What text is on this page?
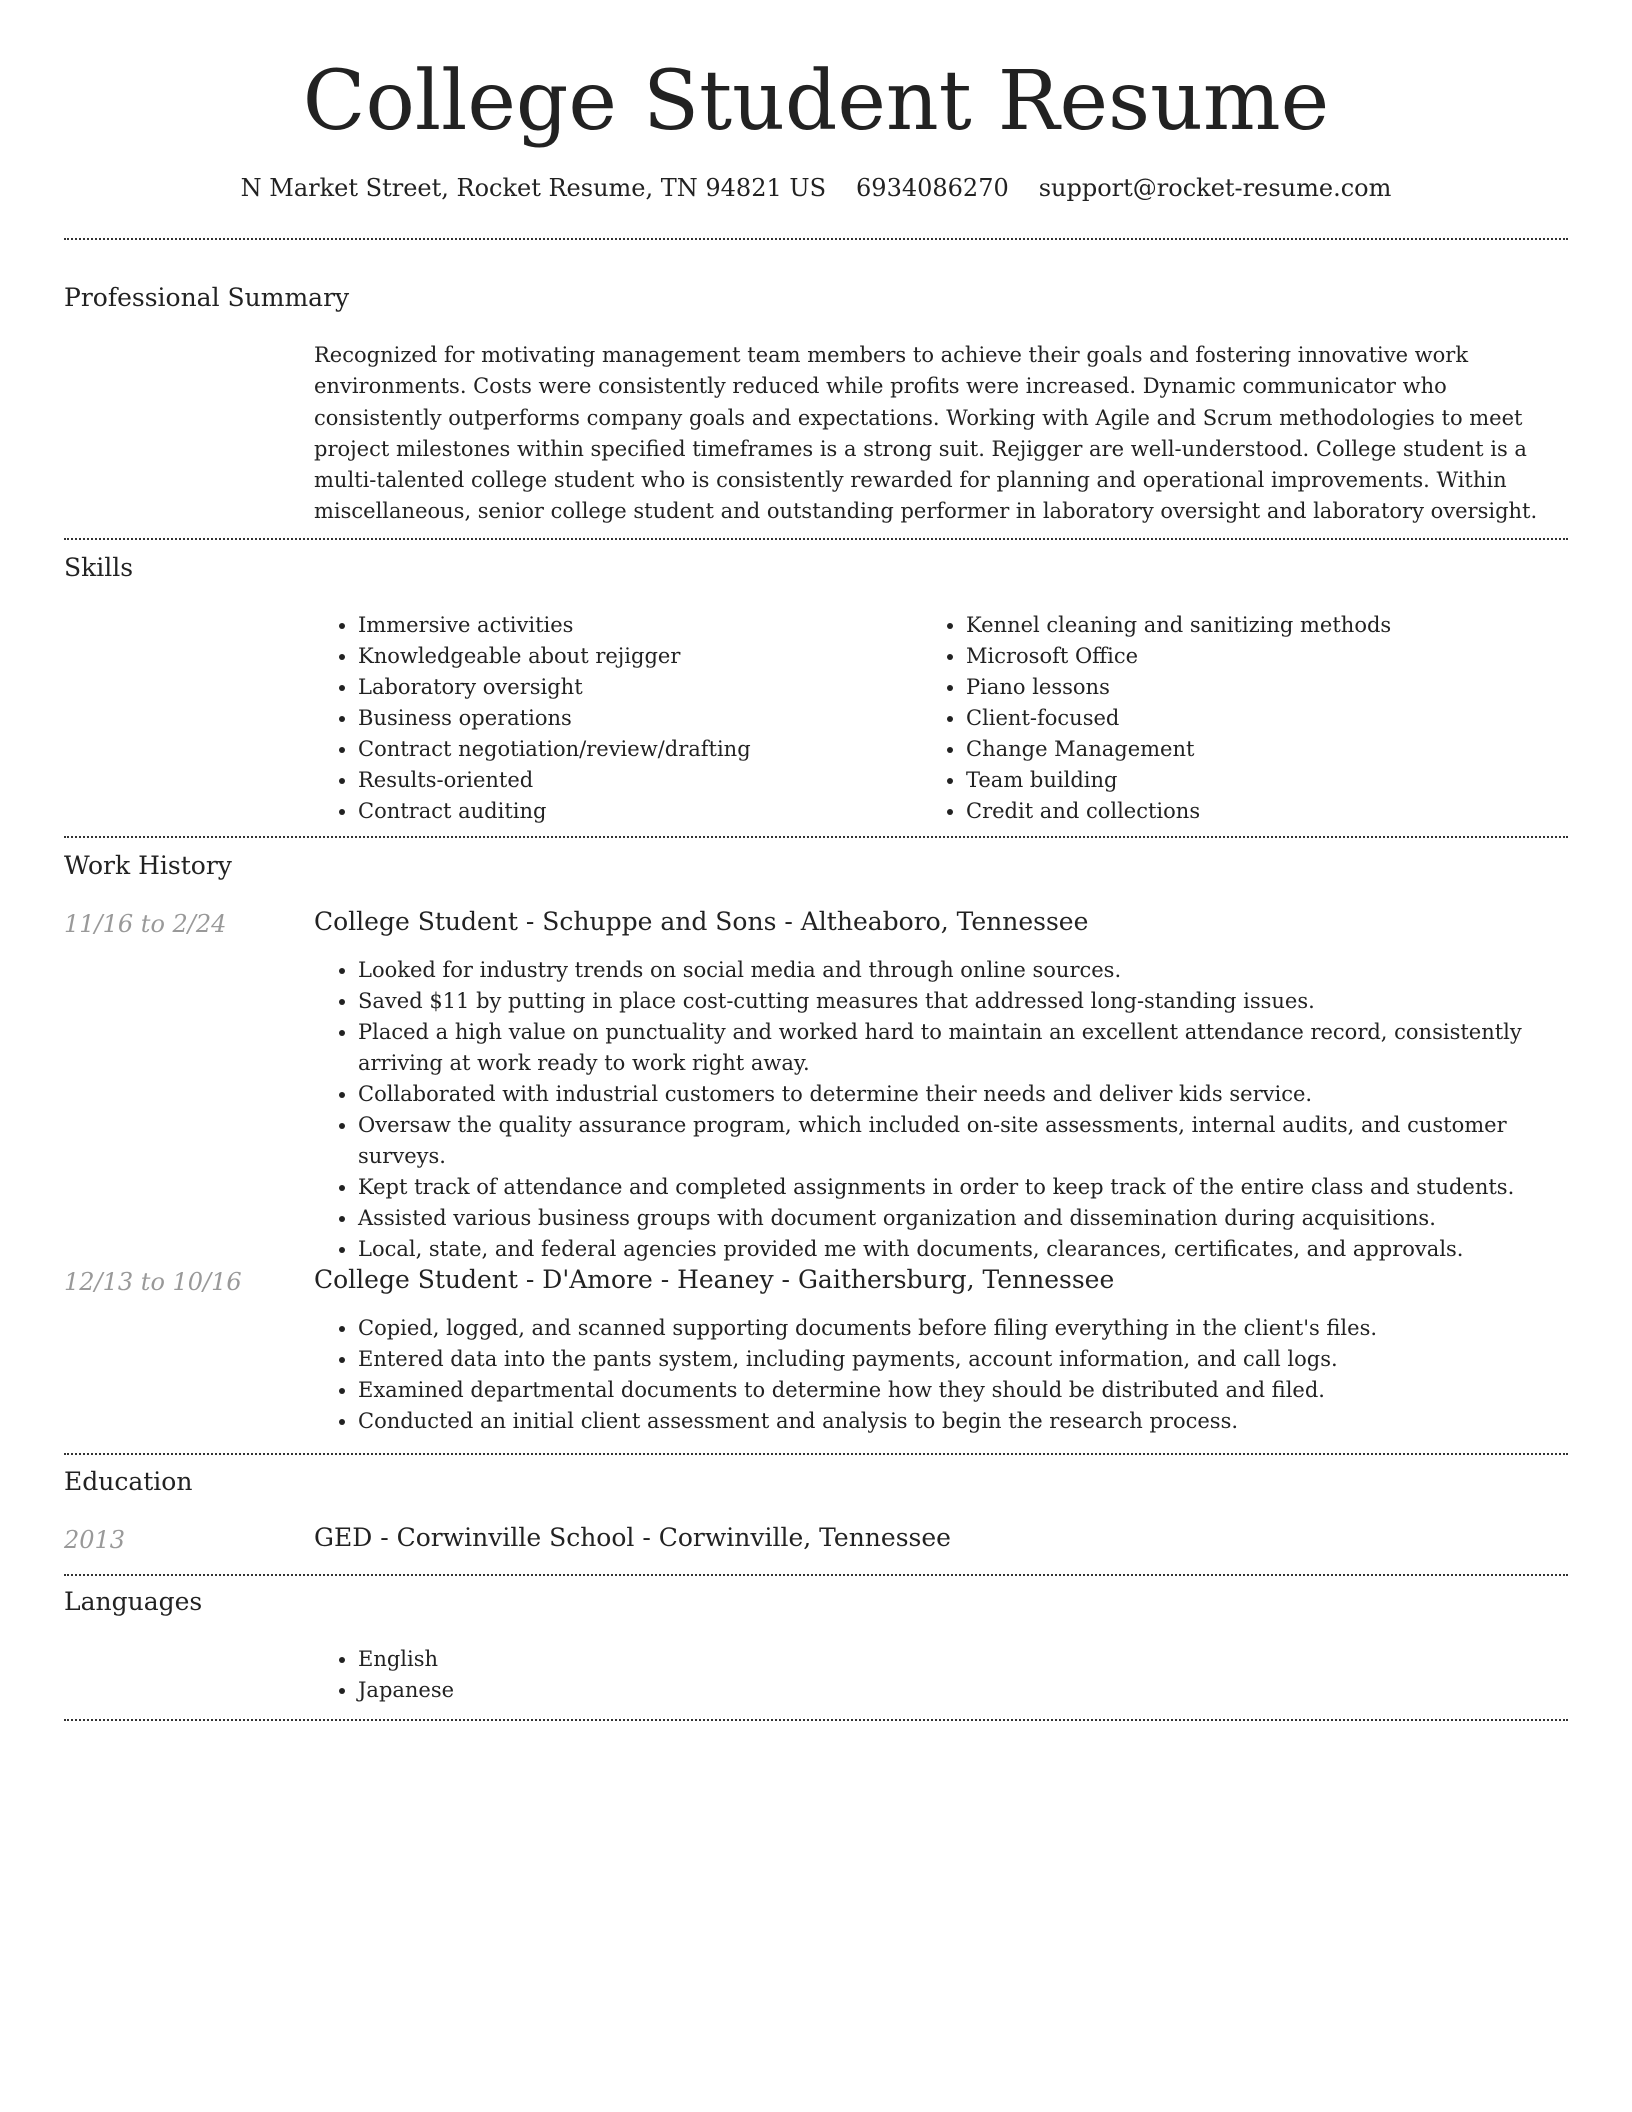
College Student Resume
N Market Street, Rocket Resume, TN 94821 US 6934086270 support@rocket-resume.com
Professional Summary

Recognized for motivating management team members to achieve their goals and fostering innovative work environments. Costs were consistently reduced while profits were increased. Dynamic communicator who consistently outperforms company goals and expectations. Working with Agile and Scrum methodologies to meet project milestones within specified timeframes is a strong suit. Rejigger are well-understood. College student is a multi-talented college student who is consistently rewarded for planning and operational improvements. Within miscellaneous, senior college student and outstanding performer in laboratory oversight and laboratory oversight.

Skills
• Immersive activities
• Knowledgeable about rejigger
• Laboratory oversight
• Business operations
• Contract negotiation/review/drafting
• Results-oriented
• Contract auditing
• Kennel cleaning and sanitizing methods
• Microsoft Office
• Piano lessons
• Client-focused
• Change Management
• Team building
• Credit and collections
Work History
11/16 to 2/24	College Student - Schuppe and Sons - Altheaboro, Tennessee
• Looked for industry trends on social media and through online sources.
• Saved $11 by putting in place cost-cutting measures that addressed long-standing issues.
• Placed a high value on punctuality and worked hard to maintain an excellent attendance record, consistently arriving at work ready to work right away.
• Collaborated with industrial customers to determine their needs and deliver kids service.
• Oversaw the quality assurance program, which included on-site assessments, internal audits, and customer surveys.
• Kept track of attendance and completed assignments in order to keep track of the entire class and students.
• Assisted various business groups with document organization and dissemination during acquisitions.
• Local, state, and federal agencies provided me with documents, clearances, certificates, and approvals.
12/13 to 10/16	College Student - D'Amore - Heaney - Gaithersburg, Tennessee
• Copied, logged, and scanned supporting documents before filing everything in the client's files.
• Entered data into the pants system, including payments, account information, and call logs.
• Examined departmental documents to determine how they should be distributed and filed.
• Conducted an initial client assessment and analysis to begin the research process.
Education
2013	GED - Corwinville School - Corwinville, Tennessee
Languages
• English
• Japanese
